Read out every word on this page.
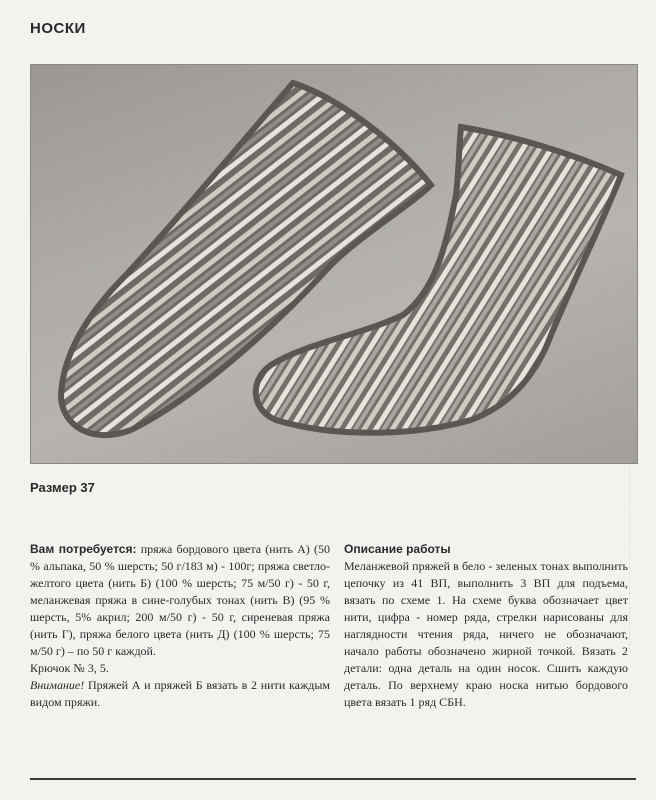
НОСКИ
Размер 37

Вам потребуется: пряжа бордового цвета (нить А) (50 % альпака, 50 % шерсть; 50 г/183 м) - 100г; пряжа светло-желтого цвета (нить Б) (100 % шерсть; 75 м/50 г) - 50 г, меланжевая пряжа в сине-голубых тонах (нить В) (95 % шерсть, 5% акрил; 200 м/50 г) - 50 г, сиреневая пряжа (нить Г), пряжа белого цвета (нить Д) (100 % шерсть; 75 м/50 г) – по 50 г каждой.

Крючок № 3, 5.

Внимание! Пряжей А и пряжей Б вязать в 2 нити каждым видом пряжи.

Описание работы

Меланжевой пряжей в бело - зеленых тонах выполнить цепочку из 41 ВП, выполнить 3 ВП для подъема, вязать по схеме 1. На схеме буква обозначает цвет нити, цифра - номер ряда, стрелки нарисованы для наглядности чтения ряда, ничего не обозначают, начало работы обозначено жирной точкой. Вязать 2 детали: одна деталь на один носок. Сшить каждую деталь. По верхнему краю носка нитью бордового цвета вязать 1 ряд СБН.
